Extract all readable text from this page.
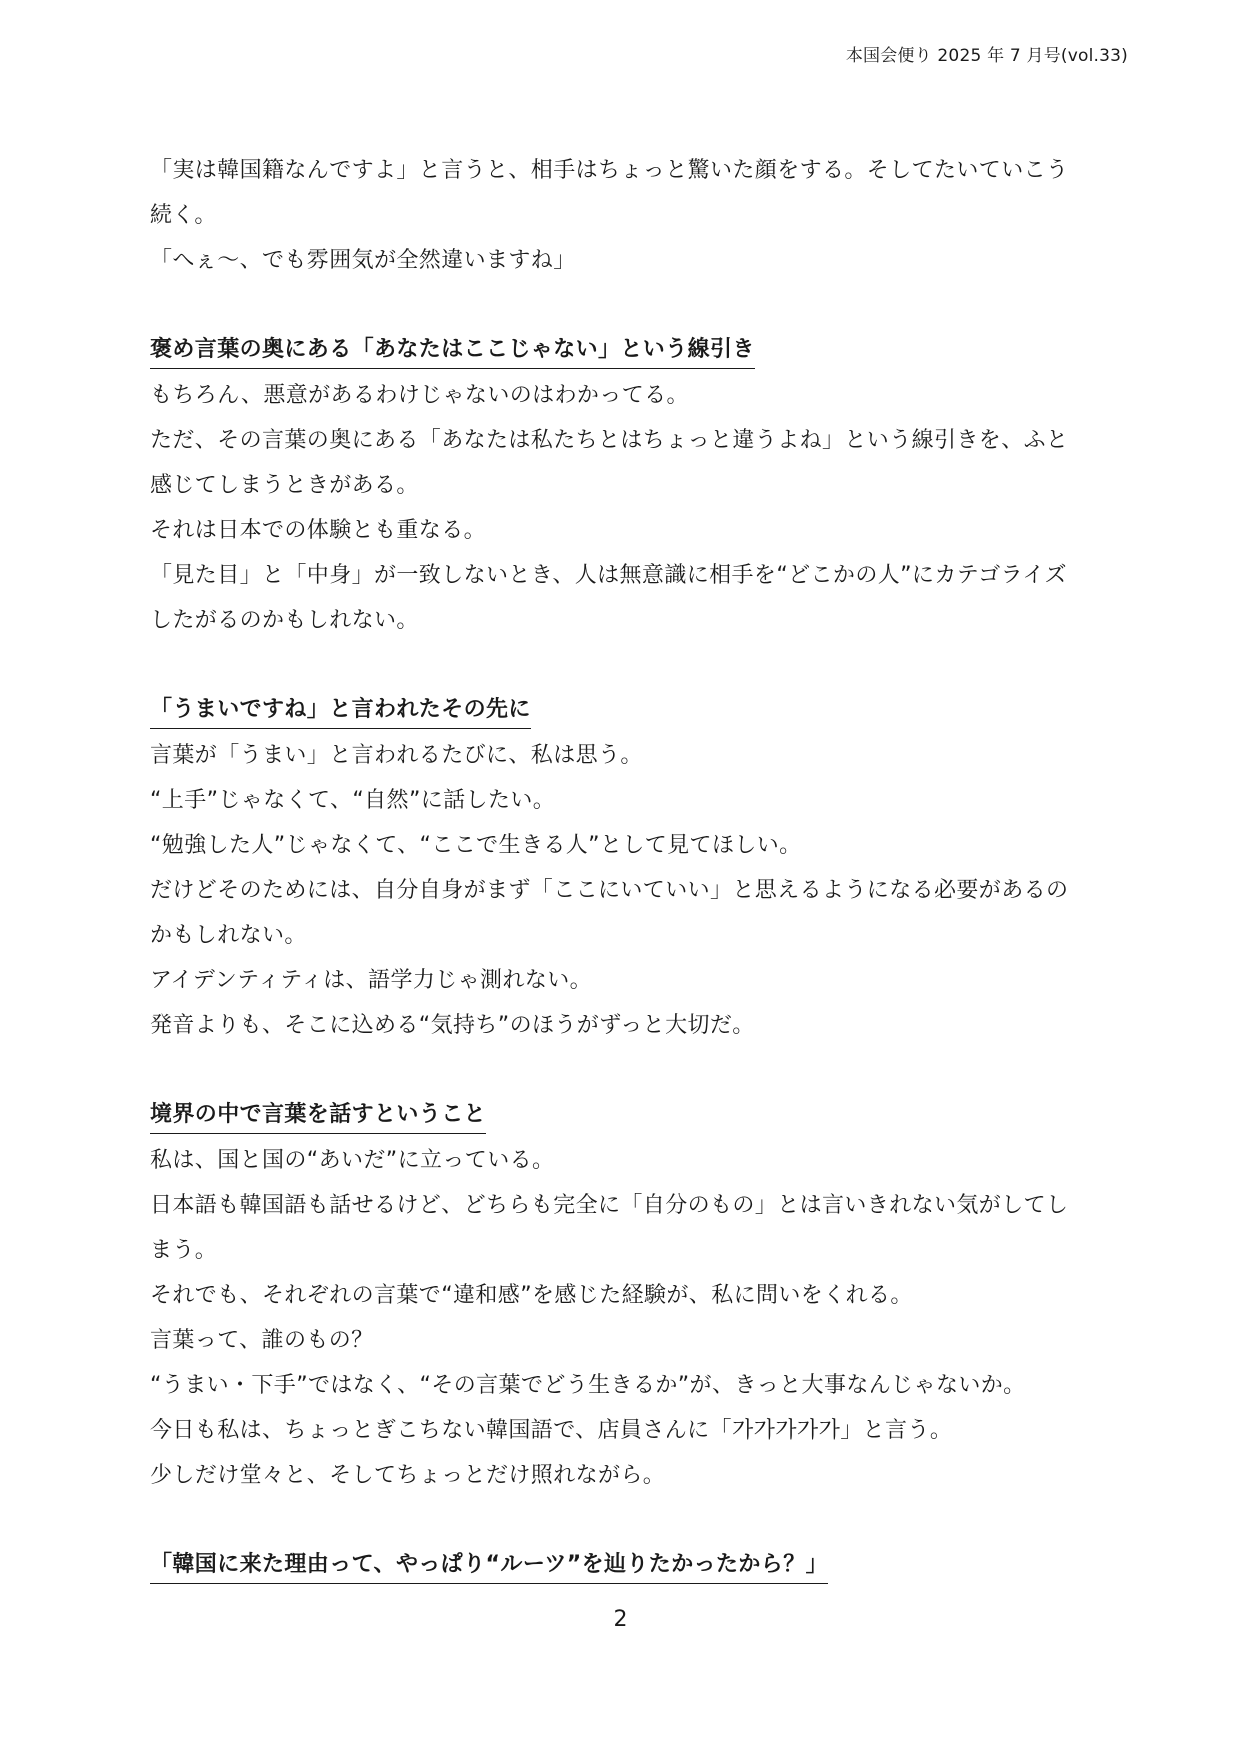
本国会便り 2025 年 7 月号(vol.33)
「実は韓国籍なんですよ」と言うと、相手はちょっと驚いた顔をする。そしてたいていこう
続く。
「へぇ～、でも雰囲気が全然違いますね」
褒め言葉の奥にある「あなたはここじゃない」という線引き
もちろん、悪意があるわけじゃないのはわかってる。
ただ、その言葉の奥にある「あなたは私たちとはちょっと違うよね」という線引きを、ふと
感じてしまうときがある。
それは日本での体験とも重なる。
「見た目」と「中身」が一致しないとき、人は無意識に相手を“どこかの人”にカテゴライズ
したがるのかもしれない。
「うまいですね」と言われたその先に
言葉が「うまい」と言われるたびに、私は思う。
“上手”じゃなくて、“自然”に話したい。
“勉強した人”じゃなくて、“ここで生きる人”として見てほしい。
だけどそのためには、自分自身がまず「ここにいていい」と思えるようになる必要があるの
かもしれない。
アイデンティティは、語学力じゃ測れない。
発音よりも、そこに込める“気持ち”のほうがずっと大切だ。
境界の中で言葉を話すということ
私は、国と国の“あいだ”に立っている。
日本語も韓国語も話せるけど、どちらも完全に「自分のもの」とは言いきれない気がしてし
まう。
それでも、それぞれの言葉で“違和感”を感じた経験が、私に問いをくれる。
言葉って、誰のもの？
“うまい・下手”ではなく、“その言葉でどう生きるか”が、きっと大事なんじゃないか。
今日も私は、ちょっとぎこちない韓国語で、店員さんに「가가가가가」と言う。
少しだけ堂々と、そしてちょっとだけ照れながら。
「韓国に来た理由って、やっぱり“ルーツ”を辿りたかったから？」
2
